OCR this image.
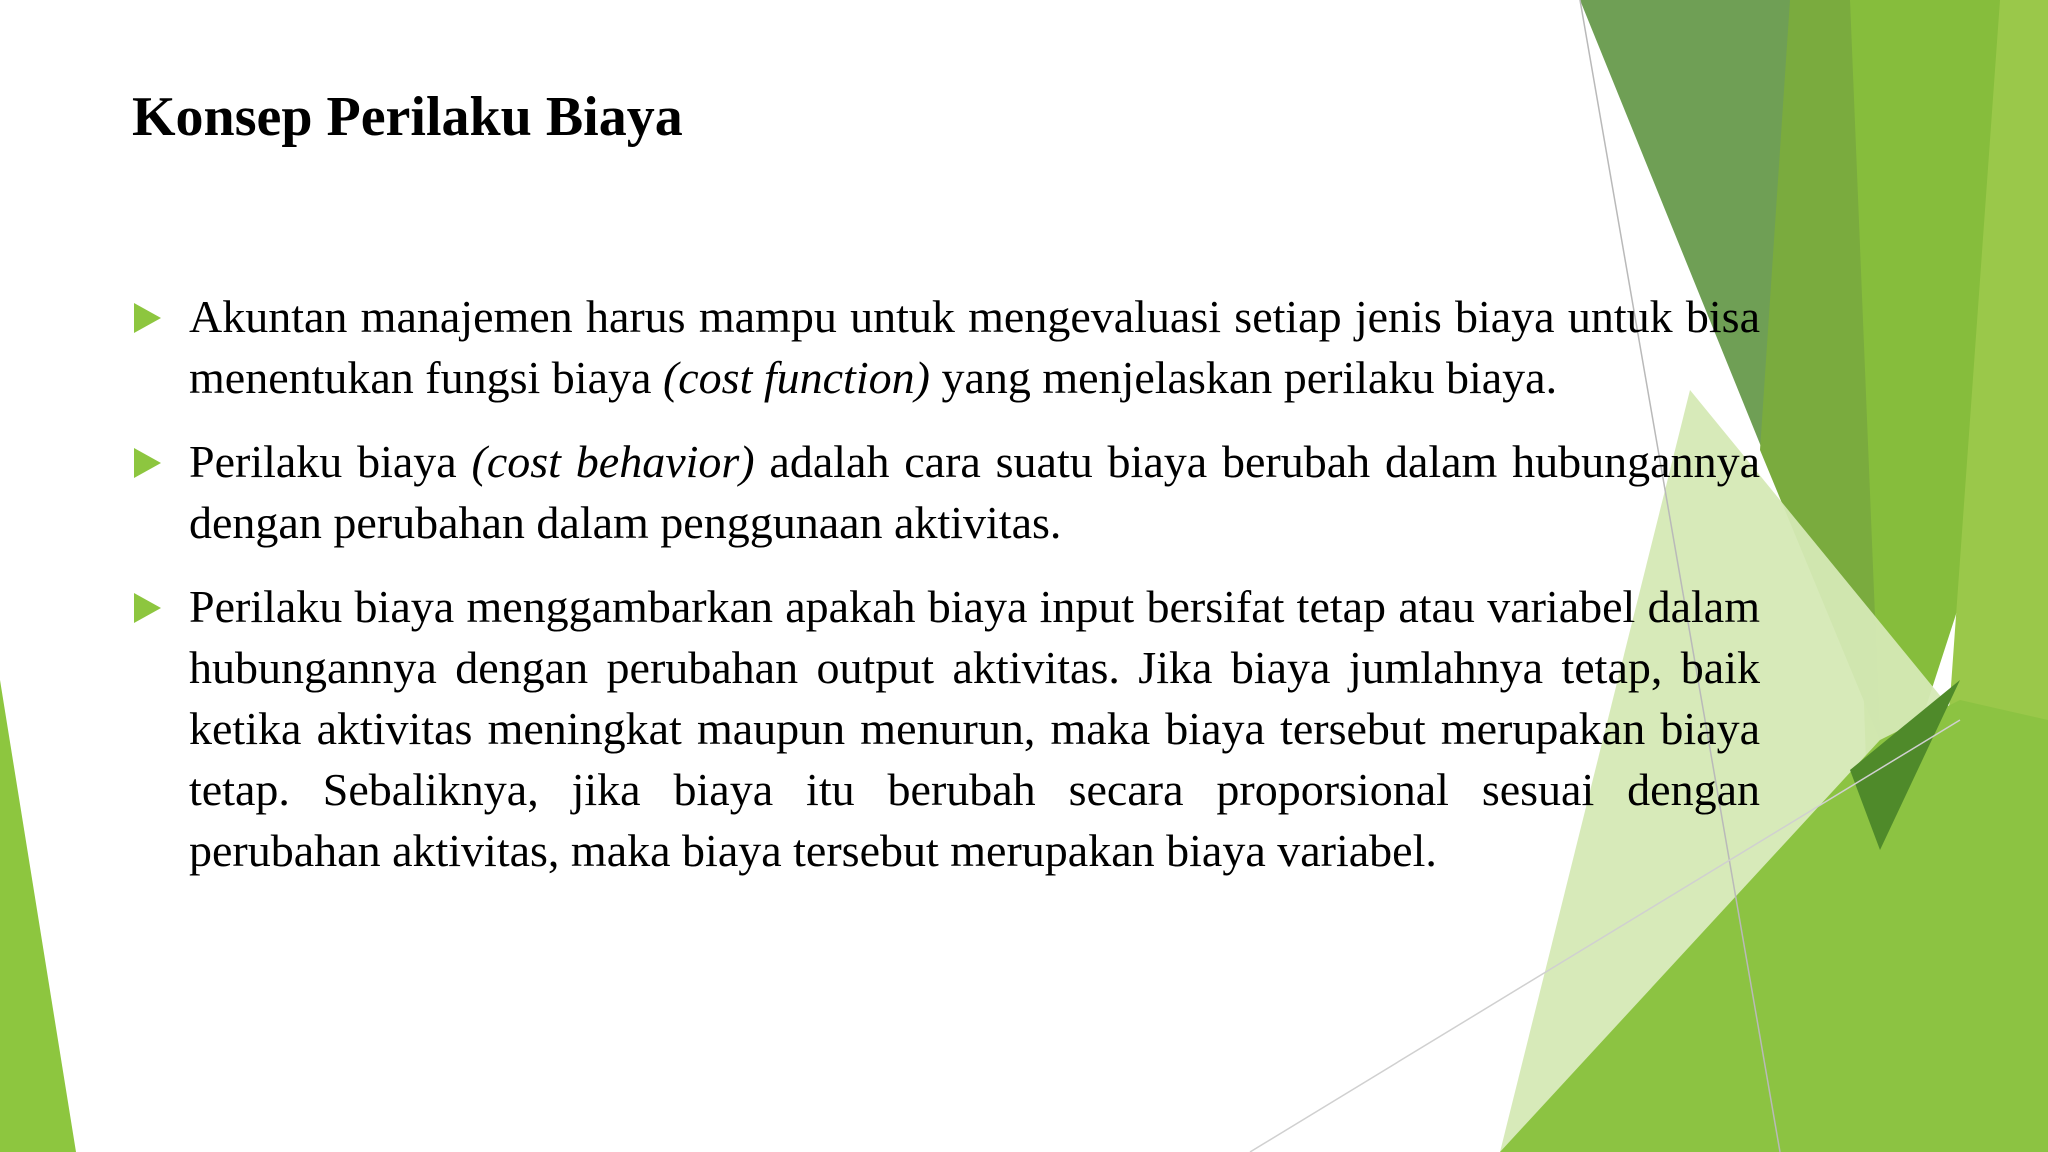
Konsep Perilaku Biaya
Akuntan manajemen harus mampu untuk mengevaluasi setiap jenis biaya untuk bisa menentukan fungsi biaya (cost function) yang menjelaskan perilaku biaya.
Perilaku biaya (cost behavior) adalah cara suatu biaya berubah dalam hubungannya dengan perubahan dalam penggunaan aktivitas.
Perilaku biaya menggambarkan apakah biaya input bersifat tetap atau variabel dalam hubungannya dengan perubahan output aktivitas. Jika biaya jumlahnya tetap, baik ketika aktivitas meningkat maupun menurun, maka biaya tersebut merupakan biaya tetap. Sebaliknya, jika biaya itu berubah secara proporsional sesuai dengan perubahan aktivitas, maka biaya tersebut merupakan biaya variabel.
